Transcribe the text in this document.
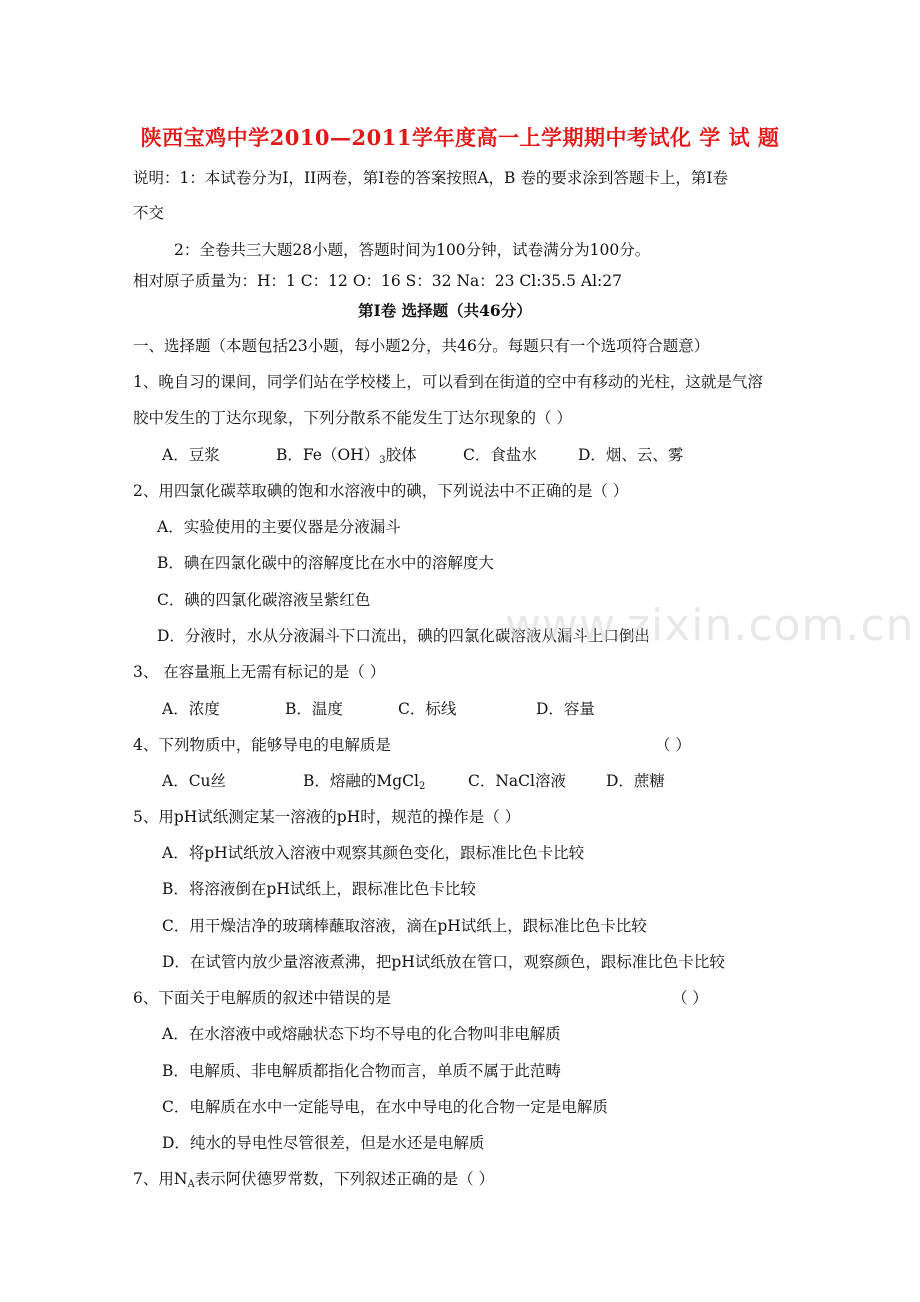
陕西宝鸡中学2010—2011学年度高一上学期期中考试化 学 试 题
说明：1：本试卷分为Ⅰ，II两卷，第Ⅰ卷的答案按照A，B 卷的要求涂到答题卡上，第Ⅰ卷
不交
2：全卷共三大题28小题，答题时间为100分钟，试卷满分为100分。
相对原子质量为：H：1 C：12 O：16 S：32 Na：23 Cl:35.5 Al:27
第Ⅰ卷 选择题（共46分）
一、选择题（本题包括23小题，每小题2分，共46分。每题只有一个选项符合题意）
1、晚自习的课间，同学们站在学校楼上，可以看到在街道的空中有移动的光柱，这就是气溶
胶中发生的丁达尔现象，下列分散系不能发生丁达尔现象的（ ）
A．豆浆	B．$Fe(OH)_3$胶体	C．食盐水	D．烟、云、雾
2、用四氯化碳萃取碘的饱和水溶液中的碘，下列说法中不正确的是（ ）
A．实验使用的主要仪器是分液漏斗
B．碘在四氯化碳中的溶解度比在水中的溶解度大
C．碘的四氯化碳溶液呈紫红色
D．分液时，水从分液漏斗下口流出，碘的四氯化碳溶液从漏斗上口倒出
3、 在容量瓶上无需有标记的是（ ）
A．浓度	B．温度	C．标线	D．容量
4、下列物质中，能够导电的电解质是	（ ）
A．Cu丝	B．熔融的MgCl$_2$	C．NaCl溶液	D．蔗糖
5、用pH试纸测定某一溶液的pH时，规范的操作是（ ）
A．将pH试纸放入溶液中观察其颜色变化，跟标准比色卡比较
B．将溶液倒在pH试纸上，跟标准比色卡比较
C．用干燥洁净的玻璃棒蘸取溶液，滴在pH试纸上，跟标准比色卡比较
D．在试管内放少量溶液煮沸，把pH试纸放在管口，观察颜色，跟标准比色卡比较
6、下面关于电解质的叙述中错误的是	（ ）
A．在水溶液中或熔融状态下均不导电的化合物叫非电解质
B．电解质、非电解质都指化合物而言，单质不属于此范畴
C．电解质在水中一定能导电，在水中导电的化合物一定是电解质
D．纯水的导电性尽管很差，但是水还是电解质
7、用$N_A$表示阿伏德罗常数，下列叙述正确的是（ ）
www.zixin.com.cn
